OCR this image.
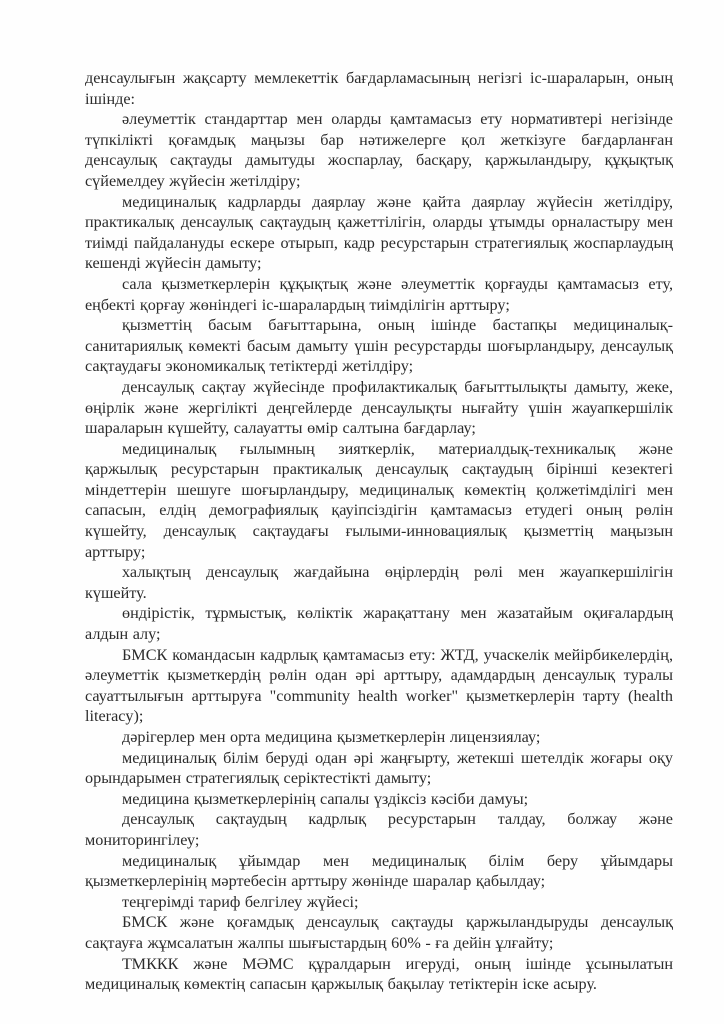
денсаулығын жақсарту мемлекеттік бағдарламасының негізгі іс-шараларын, оның ішінде:

әлеуметтік стандарттар мен оларды қамтамасыз ету нормативтері негізінде түпкілікті қоғамдық маңызы бар нәтижелерге қол жеткізуге бағдарланған денсаулық сақтауды дамытуды жоспарлау, басқару, қаржыландыру, құқықтық сүйемелдеу жүйесін жетілдіру;

медициналық кадрларды даярлау және қайта даярлау жүйесін жетілдіру, практикалық денсаулық сақтаудың қажеттілігін, оларды ұтымды орналастыру мен тиімді пайдалануды ескере отырып, кадр ресурстарын стратегиялық жоспарлаудың кешенді жүйесін дамыту;

сала қызметкерлерін құқықтық және әлеуметтік қорғауды қамтамасыз ету, еңбекті қорғау жөніндегі іс-шаралардың тиімділігін арттыру;

қызметтің басым бағыттарына, оның ішінде бастапқы медициналық-санитариялық көмекті басым дамыту үшін ресурстарды шоғырландыру, денсаулық сақтаудағы экономикалық тетіктерді жетілдіру;

денсаулық сақтау жүйесінде профилактикалық бағыттылықты дамыту, жеке, өңірлік және жергілікті деңгейлерде денсаулықты нығайту үшін жауапкершілік шараларын күшейту, салауатты өмір салтына бағдарлау;

медициналық ғылымның зияткерлік, материалдық-техникалық және қаржылық ресурстарын практикалық денсаулық сақтаудың бірінші кезектегі міндеттерін шешуге шоғырландыру, медициналық көмектің қолжетімділігі мен сапасын, елдің демографиялық қауіпсіздігін қамтамасыз етудегі оның рөлін күшейту, денсаулық сақтаудағы ғылыми-инновациялық қызметтің маңызын арттыру;

халықтың денсаулық жағдайына өңірлердің рөлі мен жауапкершілігін күшейту.

өндірістік, тұрмыстық, көліктік жарақаттану мен жазатайым оқиғалардың алдын алу;

БМСК командасын кадрлық қамтамасыз ету: ЖТД, учаскелік мейірбикелердің, әлеуметтік қызметкердің рөлін одан әрі арттыру, адамдардың денсаулық туралы сауаттылығын арттыруға "community health worker" қызметкерлерін тарту (health literacy);

дәрігерлер мен орта медицина қызметкерлерін лицензиялау;

медициналық білім беруді одан әрі жаңғырту, жетекші шетелдік жоғары оқу орындарымен стратегиялық серіктестікті дамыту;

медицина қызметкерлерінің сапалы үздіксіз кәсіби дамуы;

денсаулық сақтаудың кадрлық ресурстарын талдау, болжау және мониторингілеу;

медициналық ұйымдар мен медициналық білім беру ұйымдары қызметкерлерінің мәртебесін арттыру жөнінде шаралар қабылдау;

теңгерімді тариф белгілеу жүйесі;

БМСК және қоғамдық денсаулық сақтауды қаржыландыруды денсаулық сақтауға жұмсалатын жалпы шығыстардың 60% - ға дейін ұлғайту;

ТМККК және МӘМС құралдарын игеруді, оның ішінде ұсынылатын медициналық көмектің сапасын қаржылық бақылау тетіктерін іске асыру.
